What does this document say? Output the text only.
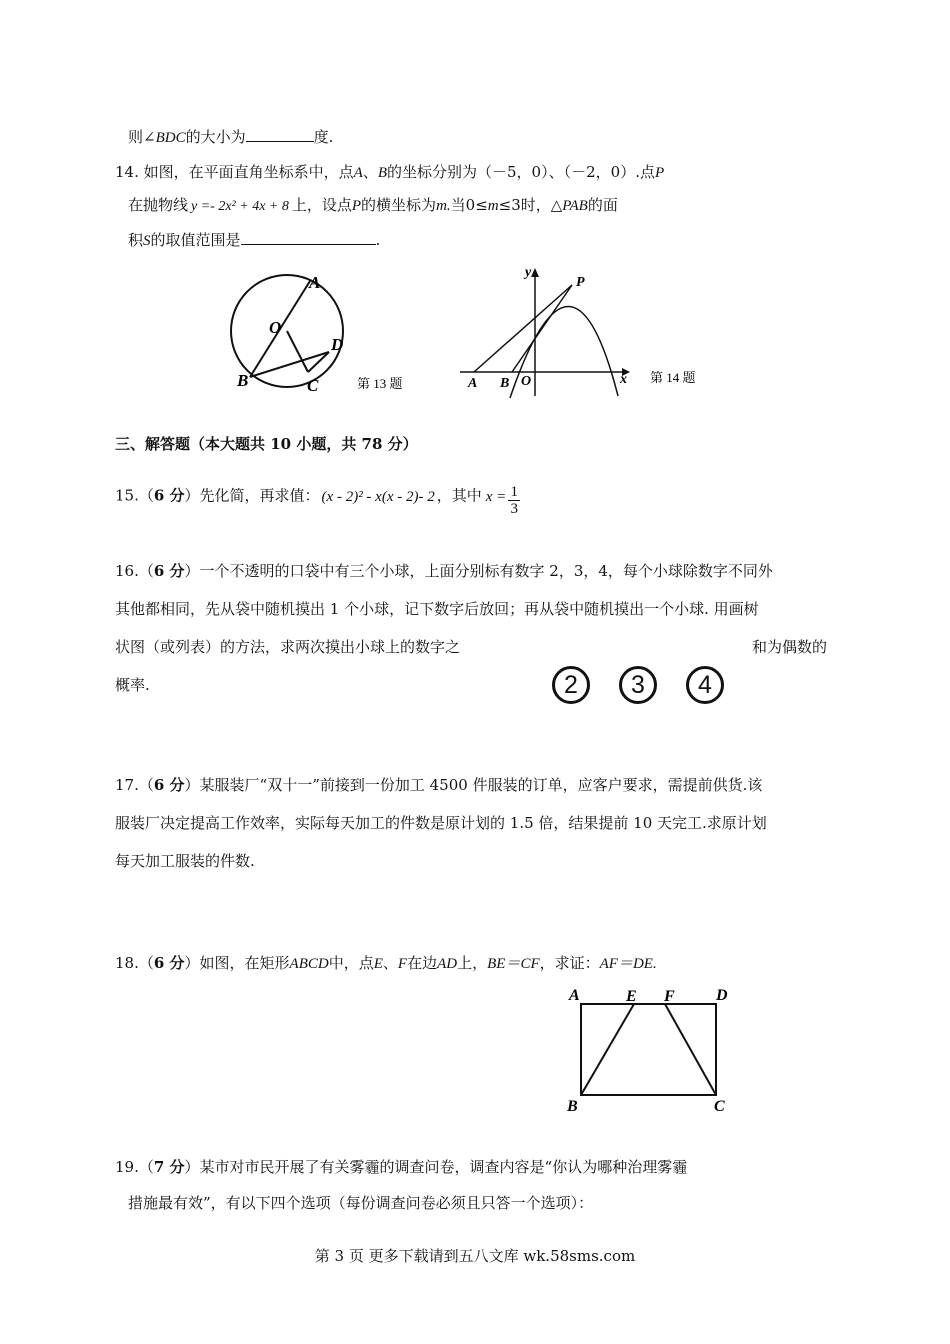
则∠BDC的大小为	度.
14. 如图，在平面直角坐标系中，点A、B的坐标分别为（－5，0）、（－2，0）.点P
在抛物线 y =- 2x² + 4x + 8 上，设点P的横坐标为m.当0≤m≤3时，△PAB的面
积S的取值范围是	.
A
O
D
B	C	第 13 题
y
P
A B O	x 第 14 题
三、解答题（本大题共 10 小题，共 78 分）
15.（6 分）先化简，再求值： (x - 2)² - x(x - 2)- 2 ，其中 $x = \frac{1}{3}$
16.（6 分）一个不透明的口袋中有三个小球，上面分别标有数字 2，3，4，每个小球除数字不同外
其他都相同，先从袋中随机摸出 1 个小球，记下数字后放回；再从袋中随机摸出一个小球. 用画树
状图（或列表）的方法，求两次摸出小球上的数字之	和为偶数的
概率.	2	3	4
17.（6 分）某服装厂“双十一”前接到一份加工 4500 件服装的订单，应客户要求，需提前供货.该
服装厂决定提高工作效率，实际每天加工的件数是原计划的 1.5 倍，结果提前 10 天完工.求原计划
每天加工服装的件数.
18.（6 分）如图，在矩形ABCD中，点E、F在边AD上，BE＝CF，求证：AF＝DE.
A	E F	D
B	C
19.（7 分）某市对市民开展了有关雾霾的调查问卷，调查内容是“你认为哪种治理雾霾
措施最有效”，有以下四个选项（每份调查问卷必须且只答一个选项）：
第 3 页 更多下载请到五八文库 wk.58sms.com
